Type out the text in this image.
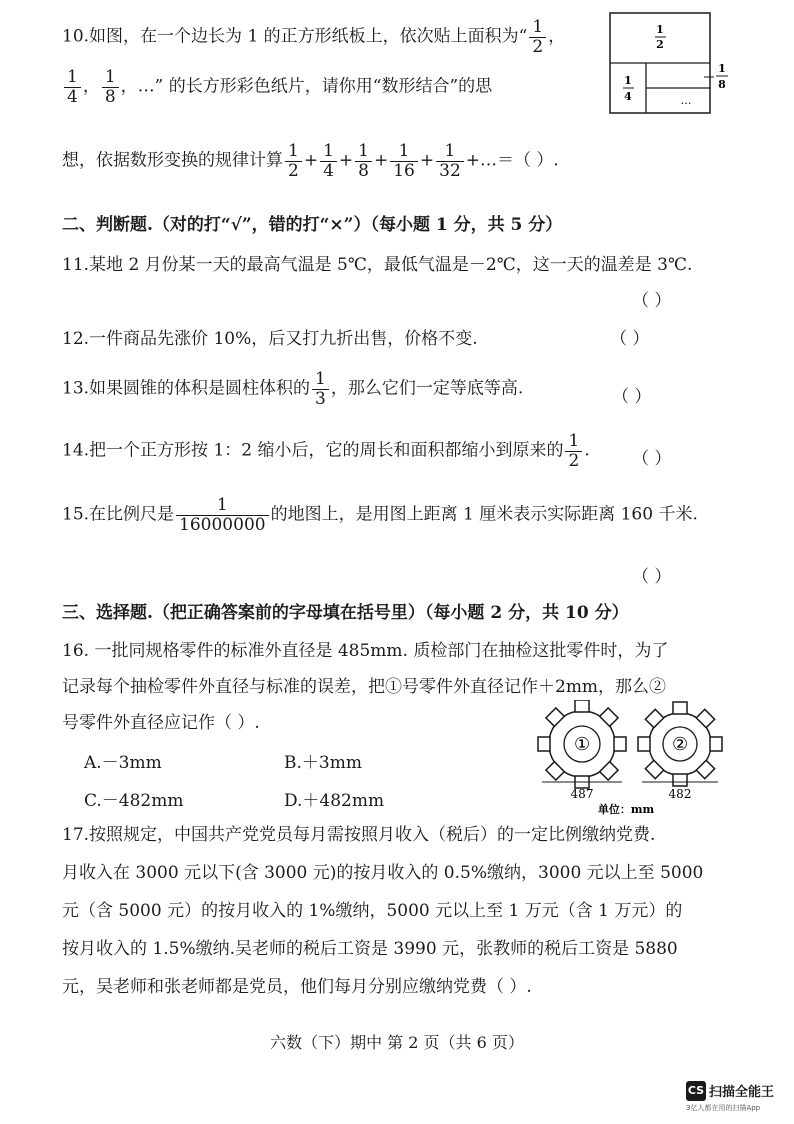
10.如图，在一个边长为 1 的正方形纸板上，依次贴上面积为“ $\frac{1}{2}$ ，
$\frac{1}{4}$ ， $\frac{1}{8}$ ，…” 的长方形彩色纸片，请你用“数形结合”的思
想，依据数形变换的规律计算 $\frac{1}{2} + \frac{1}{4} + \frac{1}{8} + \frac{1}{16} + \frac{1}{32}$ +…＝（ ）.
1
2
1
4	…
1
8
二、判断题.（对的打“√”，错的打“×”）（每小题 1 分，共 5 分）
11.某地 2 月份某一天的最高气温是 5℃，最低气温是－2℃，这一天的温差是 3℃.
（ ）
12.一件商品先涨价 10%，后又打九折出售，价格不变.	（ ）
13.如果圆锥的体积是圆柱体积的 $\frac{1}{3}$ ，那么它们一定等底等高.	（ ）
14.把一个正方形按 1：2 缩小后，它的周长和面积都缩小到原来的 $\frac{1}{2}$ . （ ）
15.在比例尺是 $\frac{1}{16000000}$ 的地图上，是用图上距离 1 厘米表示实际距离 160 千米.
（ ）
三、选择题.（把正确答案前的字母填在括号里）（每小题 2 分，共 10 分）
16. 一批同规格零件的标准外直径是 485mm. 质检部门在抽检这批零件时，为了
记录每个抽检零件外直径与标准的误差，把①号零件外直径记作＋2mm，那么②
号零件外直径应记作（ ）.
A.－3mm	B.＋3mm
C.－482mm	D.＋482mm
①	②
487	482
单位：mm
17.按照规定，中国共产党党员每月需按照月收入（税后）的一定比例缴纳党费.
月收入在 3000 元以下(含 3000 元)的按月收入的 0.5%缴纳，3000 元以上至 5000
元（含 5000 元）的按月收入的 1%缴纳，5000 元以上至 1 万元（含 1 万元）的
按月收入的 1.5%缴纳.吴老师的税后工资是 3990 元，张教师的税后工资是 5880
元，吴老师和张老师都是党员，他们每月分别应缴纳党费（ ）.
六数（下）期中 第 2 页（共 6 页）
CS 扫描全能王
3亿人都在用的扫描App
